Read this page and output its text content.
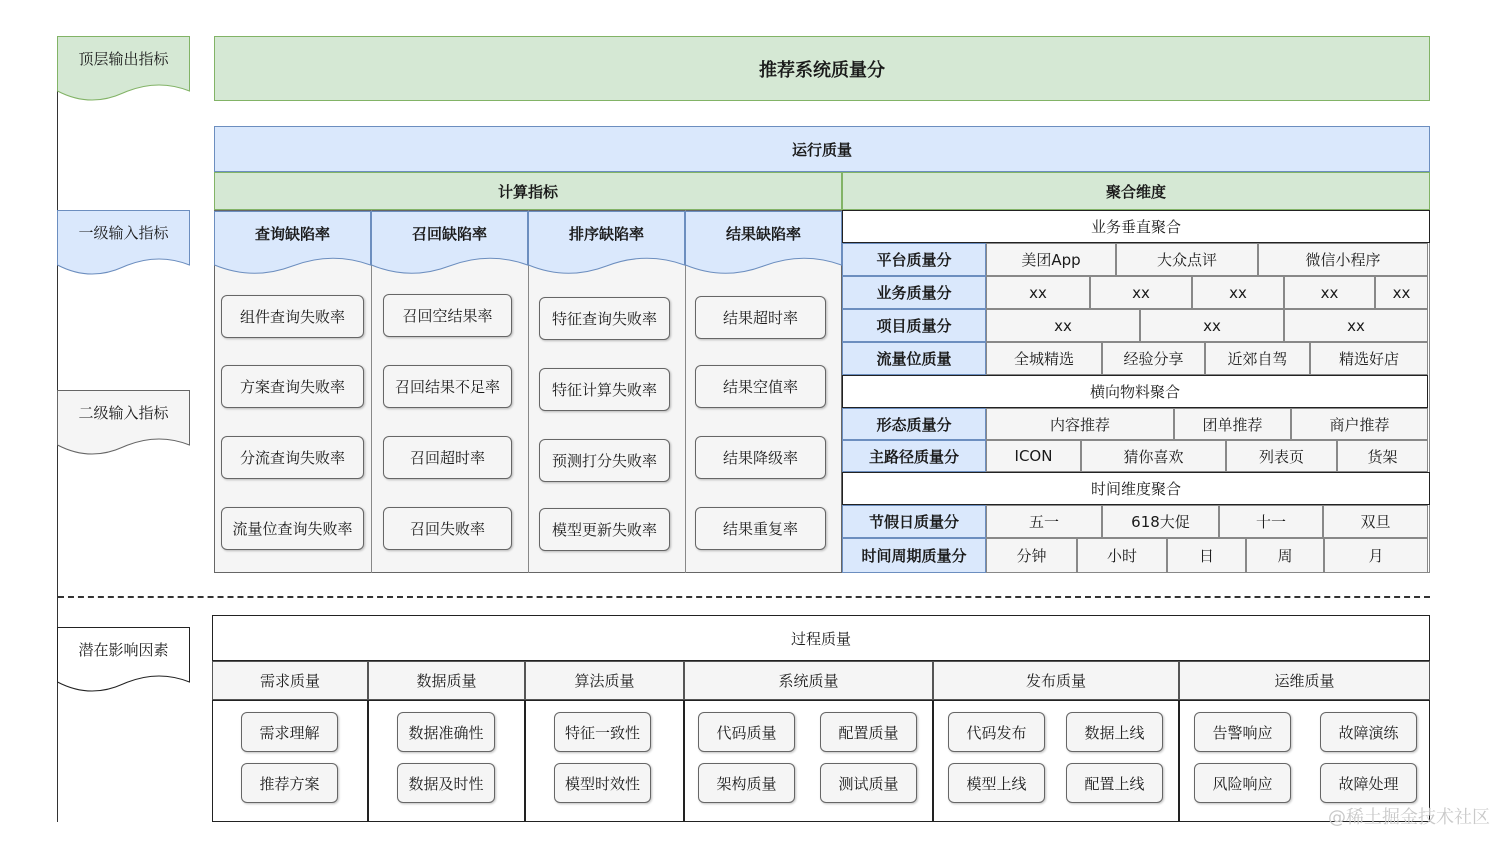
顶层输出指标
一级输入指标
二级输入指标
潜在影响因素
推荐系统质量分
运行质量
计算指标	聚合维度
查询缺陷率
组件查询失败率
方案查询失败率
分流查询失败率
流量位查询失败率
召回缺陷率
召回空结果率
召回结果不足率
召回超时率
召回失败率
排序缺陷率
特征查询失败率
特征计算失败率
预测打分失败率
模型更新失败率
结果缺陷率
结果超时率
结果空值率
结果降级率
结果重复率
业务垂直聚合
平台质量分	美团App	大众点评	微信小程序
业务质量分	xx	xx	xx	xx	xx
项目质量分	xx	xx	xx
流量位质量	全城精选	经验分享	近郊自驾	精选好店
形态质量分	内容推荐	团单推荐	商户推荐
主路径质量分	ICON	猜你喜欢	列表页	货架
节假日质量分	五一	618大促	十一	双旦
时间周期质量分	分钟	小时	日	周	月
横向物料聚合
时间维度聚合
过程质量
需求质量
需求理解
推荐方案
数据质量
数据准确性
数据及时性
算法质量
特征一致性
模型时效性
系统质量
代码质量	配置质量
架构质量	测试质量
发布质量
代码发布	数据上线
模型上线	配置上线
运维质量
告警响应	故障演练
风险响应	故障处理
@稀土掘金技术社区
